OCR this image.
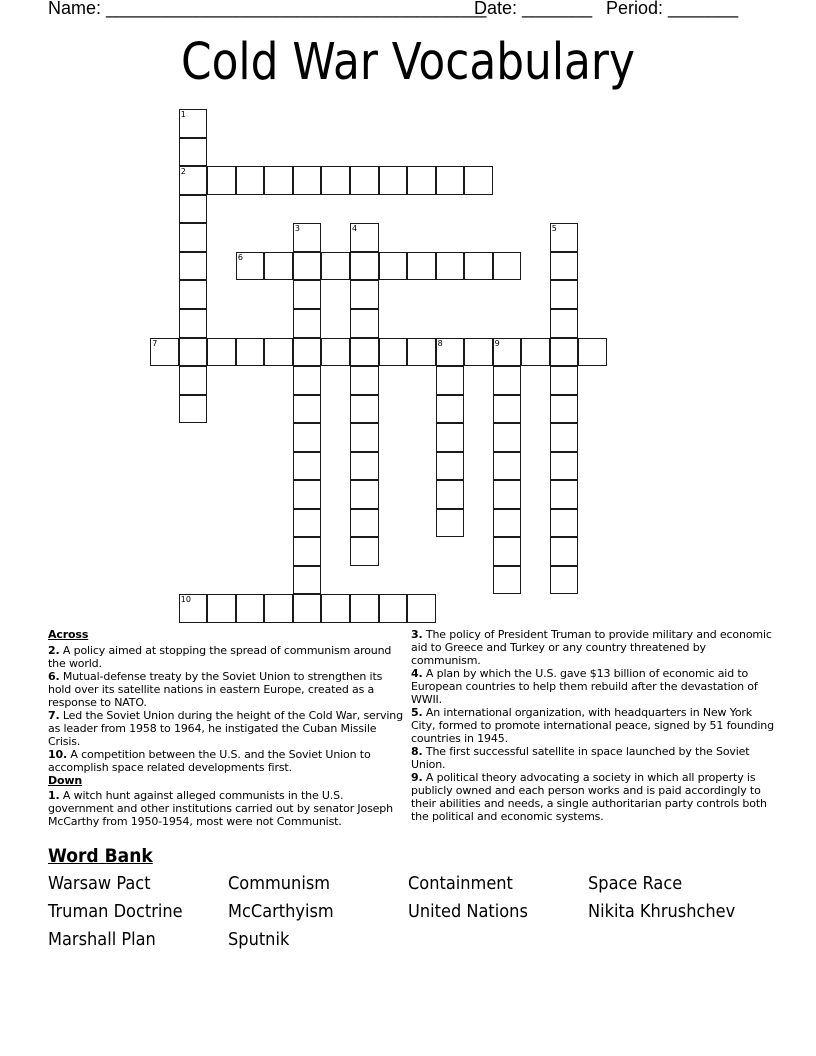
Name: ______________________________________
Date: _______ Period: _______
Cold War Vocabulary
1
2
3	4	5
6
7	8	9
10
Across
2. A policy aimed at stopping the spread of communism around the world.
6. Mutual-defense treaty by the Soviet Union to strengthen its hold over its satellite nations in eastern Europe, created as a response to NATO.
7. Led the Soviet Union during the height of the Cold War, serving as leader from 1958 to 1964, he instigated the Cuban Missile Crisis.
10. A competition between the U.S. and the Soviet Union to accomplish space related developments first.
Down
1. A witch hunt against alleged communists in the U.S. government and other institutions carried out by senator Joseph McCarthy from 1950-1954, most were not Communist.
3. The policy of President Truman to provide military and economic aid to Greece and Turkey or any country threatened by communism.
4. A plan by which the U.S. gave $13 billion of economic aid to European countries to help them rebuild after the devastation of WWII.
5. An international organization, with headquarters in New York City, formed to promote international peace, signed by 51 founding countries in 1945.
8. The first successful satellite in space launched by the Soviet Union.
9. A political theory advocating a society in which all property is publicly owned and each person works and is paid accordingly to their abilities and needs, a single authoritarian party controls both the political and economic systems.
Word Bank
Warsaw Pact	Communism	Containment	Space Race
Truman Doctrine	McCarthyism	United Nations	Nikita Khrushchev
Marshall Plan	Sputnik
